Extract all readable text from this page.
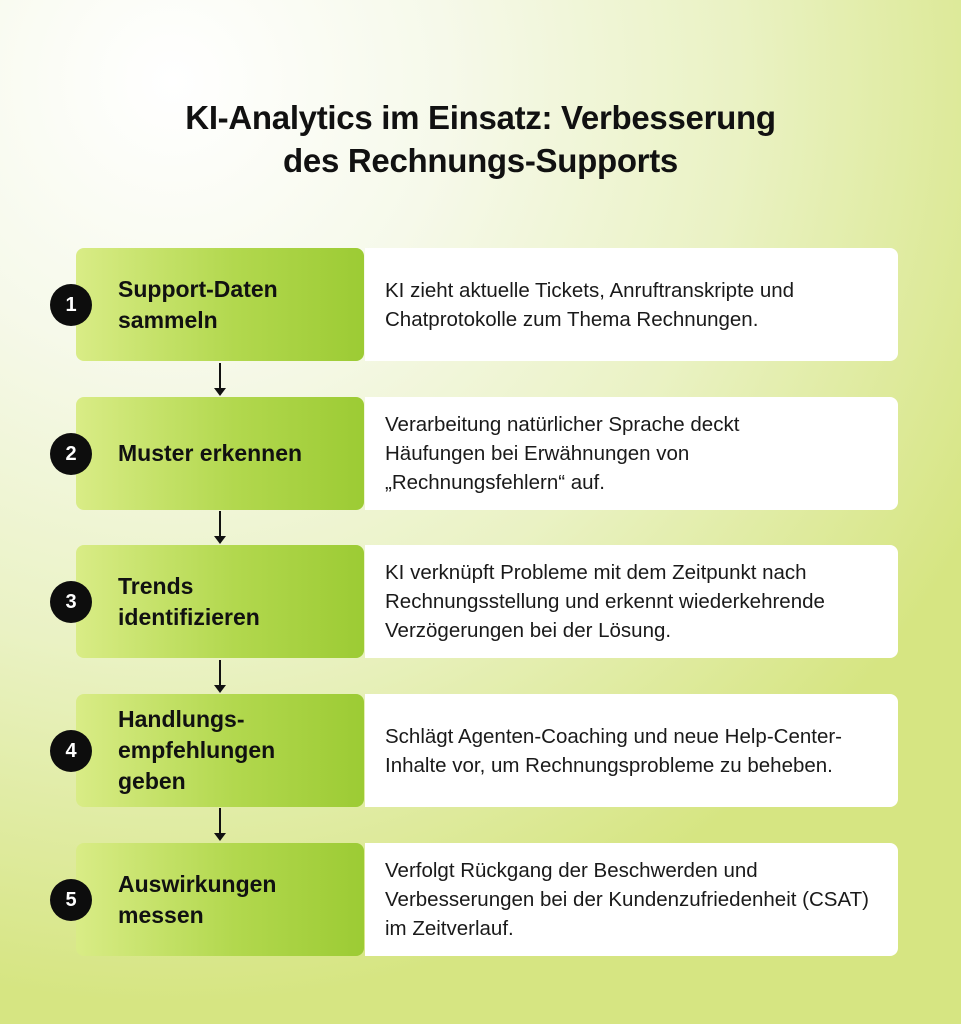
KI-Analytics im Einsatz: Verbesserung
des Rechnungs-Supports
Support-Daten sammeln
1
KI zieht aktuelle Tickets, Anruftranskripte und Chatprotokolle zum Thema Rechnungen.
Muster erkennen
2
Verarbeitung natürlicher Sprache deckt Häufungen bei Erwähnungen von „Rechnungsfehlern“ auf.
Trends identifizieren
3
KI verknüpft Probleme mit dem Zeitpunkt nach Rechnungsstellung und erkennt wiederkehrende Verzögerungen bei der Lösung.
Handlungs-empfehlungen geben
4
Schlägt Agenten-Coaching und neue Help-Center-Inhalte vor, um Rechnungsprobleme zu beheben.
Auswirkungen messen
5
Verfolgt Rückgang der Beschwerden und Verbesserungen bei der Kundenzufriedenheit (CSAT) im Zeitverlauf.
